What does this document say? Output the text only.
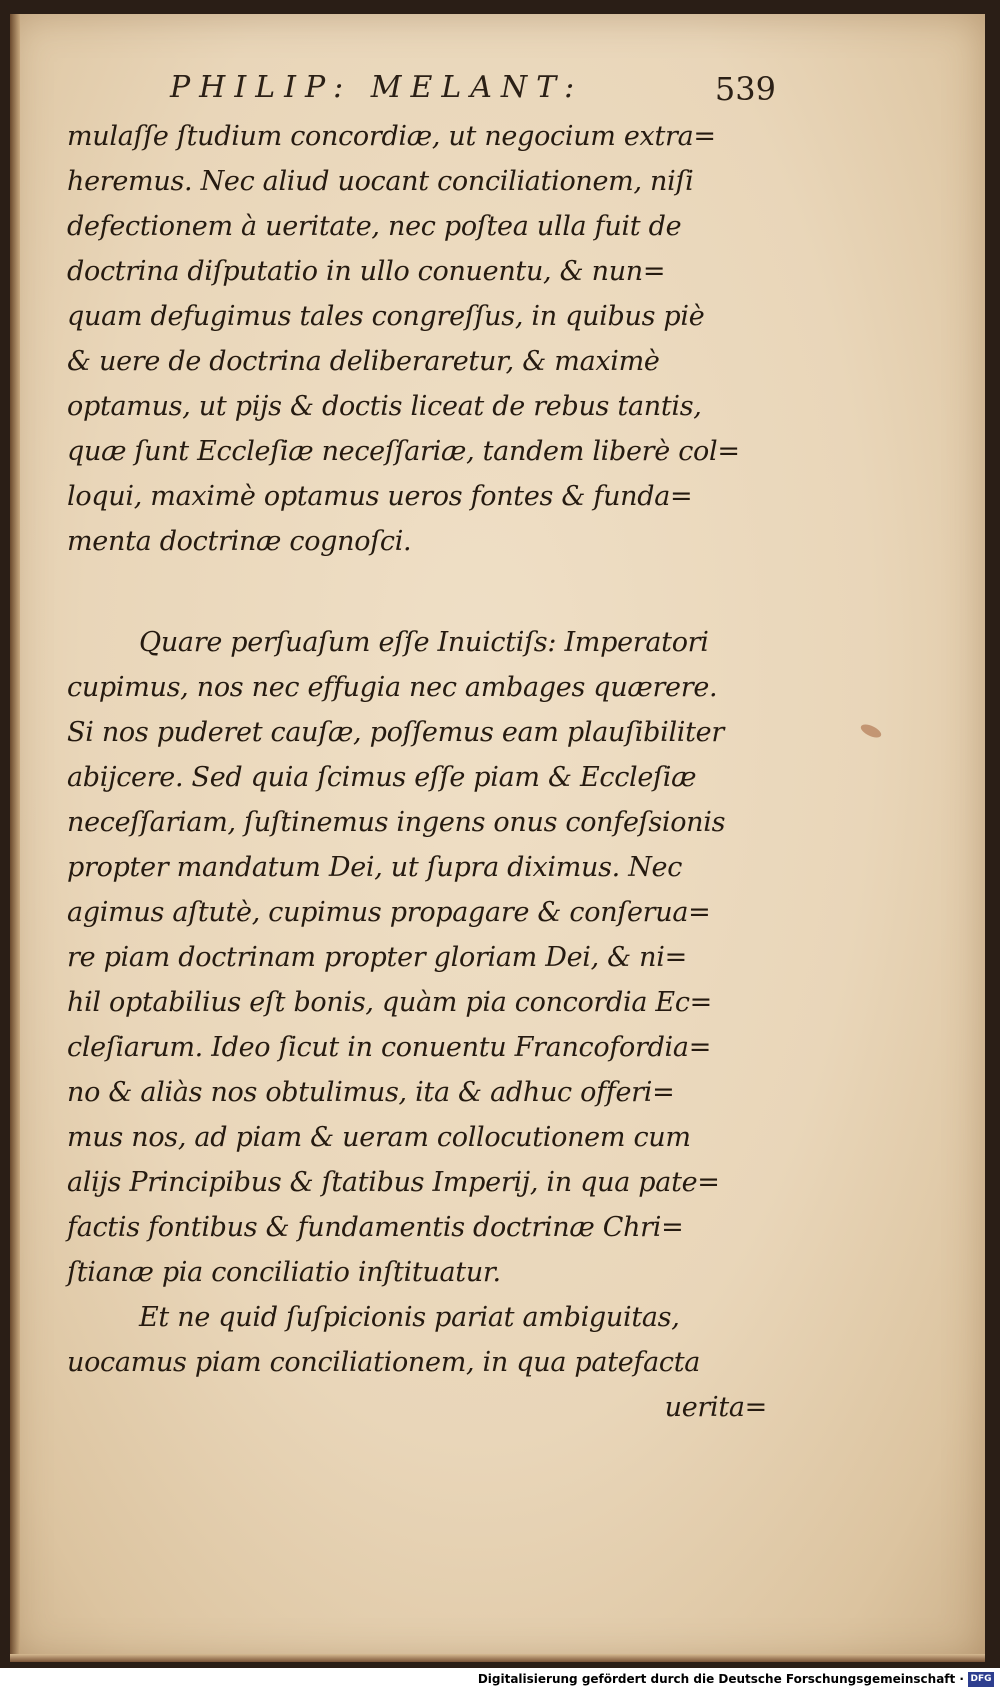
PHILIP: MELANT:	539
mulaſſe ſtudium concordiæ, ut negocium extra=
heremus. Nec aliud uocant conciliationem, niſi
defectionem à ueritate, nec poſtea ulla fuit de
doctrina diſputatio in ullo conuentu, & nun=
quam defugimus tales congreſſus, in quibus piè
& uere de doctrina deliberaretur, & maximè
optamus, ut pijs & doctis liceat de rebus tantis,
quæ ſunt Eccleſiæ neceſſariæ, tandem liberè col=
loqui, maximè optamus ueros fontes & funda=
menta doctrinæ cognoſci.
Quare perſuaſum eſſe Inuictiſs: Imperatori
cupimus, nos nec effugia nec ambages quærere.
Si nos puderet cauſæ, poſſemus eam plauſibiliter
abijcere. Sed quia ſcimus eſſe piam & Eccleſiæ
neceſſariam, ſuſtinemus ingens onus confeſsionis
propter mandatum Dei, ut ſupra diximus. Nec
agimus aſtutè, cupimus propagare & conſerua=
re piam doctrinam propter gloriam Dei, & ni=
hil optabilius eſt bonis, quàm pia concordia Ec=
cleſiarum. Ideo ſicut in conuentu Francofordia=
no & aliàs nos obtulimus, ita & adhuc offeri=
mus nos, ad piam & ueram collocutionem cum
alijs Principibus & ſtatibus Imperij, in qua pate=
factis fontibus & fundamentis doctrinæ Chri=
ſtianæ pia conciliatio inſtituatur.
Et ne quid ſuſpicionis pariat ambiguitas,
uocamus piam conciliationem, in qua patefacta
uerita=
Digitalisierung gefördert durch die Deutsche Forschungsgemeinschaft · DFG
